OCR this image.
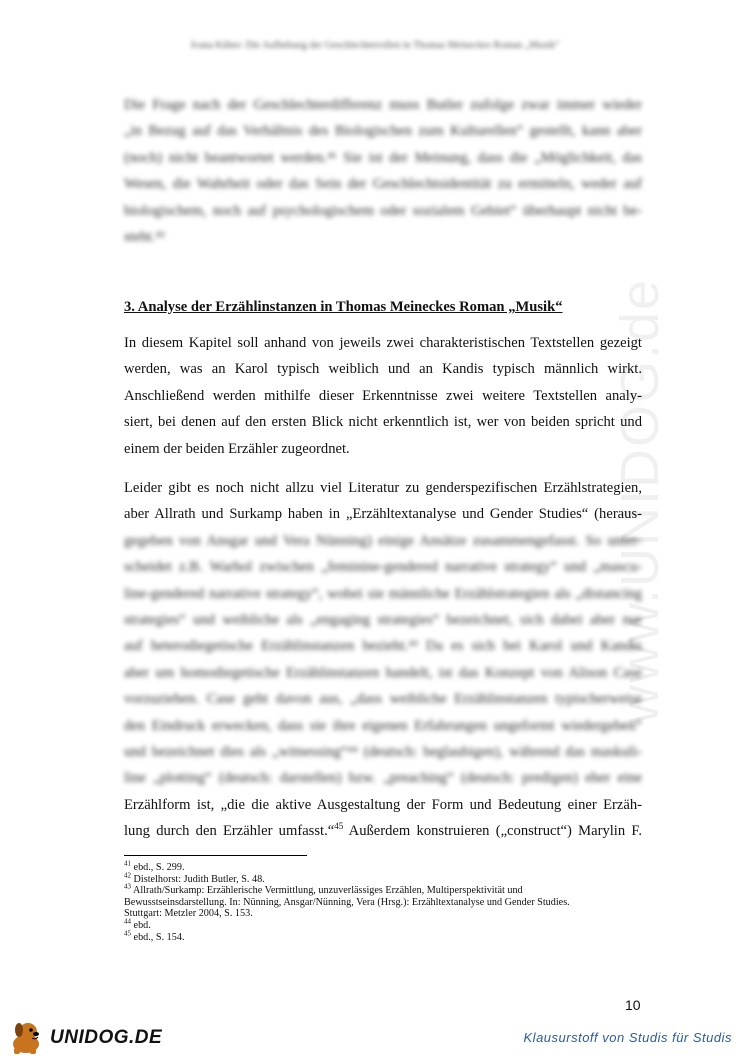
Ivana Küber: Die Aufhebung der Geschlechterrollen in Thomas Meineckes Roman „Musik“
Die Frage nach der Geschlechterdifferenz muss Butler zufolge zwar immer wieder
„in Bezug auf das Verhältnis des Biologischen zum Kulturellen“ gestellt, kann aber
(noch) nicht beantwortet werden.⁴¹ Sie ist der Meinung, dass die „Möglichkeit, das
Wesen, die Wahrheit oder das Sein der Geschlechtsidentität zu ermitteln, weder auf
biologischem, noch auf psychologischem oder sozialem Gebiet“ überhaupt nicht be-
steht.⁴²
3. Analyse der Erzählinstanzen in Thomas Meineckes Roman „Musik“
In diesem Kapitel soll anhand von jeweils zwei charakteristischen Textstellen gezeigt
werden, was an Karol typisch weiblich und an Kandis typisch männlich wirkt.
Anschließend werden mithilfe dieser Erkenntnisse zwei weitere Textstellen analy-
siert, bei denen auf den ersten Blick nicht erkenntlich ist, wer von beiden spricht und
einem der beiden Erzähler zugeordnet.
Leider gibt es noch nicht allzu viel Literatur zu genderspezifischen Erzählstrategien,
aber Allrath und Surkamp haben in „Erzähltextanalyse und Gender Studies“ (heraus-
gegeben von Ansgar und Vera Nünning) einige Ansätze zusammengefasst. So unter-
scheidet z.B. Warhol zwischen „feminine-gendered narrative strategy“ und „mascu-
line-gendered narrative strategy“, wobei sie männliche Erzählstrategien als „distancing
strategies“ und weibliche als „engaging strategies“ bezeichnet, sich dabei aber nur
auf heterodiegetische Erzählinstanzen bezieht.⁴³ Da es sich bei Karol und Kandis
aber um homodiegetische Erzählinstanzen handelt, ist das Konzept von Alison Case
vorzuziehen. Case geht davon aus, „dass weibliche Erzählinstanzen typischerweise
den Eindruck erwecken, dass sie ihre eigenen Erfahrungen ungeformt wiedergeben“
und bezeichnet dies als „witnessing“⁴⁴ (deutsch: beglaubigen), während das maskuli-
line „plotting“ (deutsch: darstellen) bzw. „preaching“ (deutsch: predigen) eher eine
Erzählform ist, „die die aktive Ausgestaltung der Form und Bedeutung einer Erzäh-
lung durch den Erzähler umfasst.“$^{45}$ Außerdem konstruieren („construct“) Marylin F.
$^{41}$ ebd., S. 299.
$^{42}$ Distelhorst: Judith Butler, S. 48.
$^{43}$ Allrath/Surkamp: Erzählerische Vermittlung, unzuverlässiges Erzählen, Multiperspektivität und
Bewusstseinsdarstellung. In: Nünning, Ansgar/Nünning, Vera (Hrsg.): Erzähltextanalyse und Gender Studies.
Stuttgart: Metzler 2004, S. 153.
$^{44}$ ebd.
$^{45}$ ebd., S. 154.
10
www.UNIDOG.de
UNIDOG.DE	Klausurstoff von Studis für Studis
